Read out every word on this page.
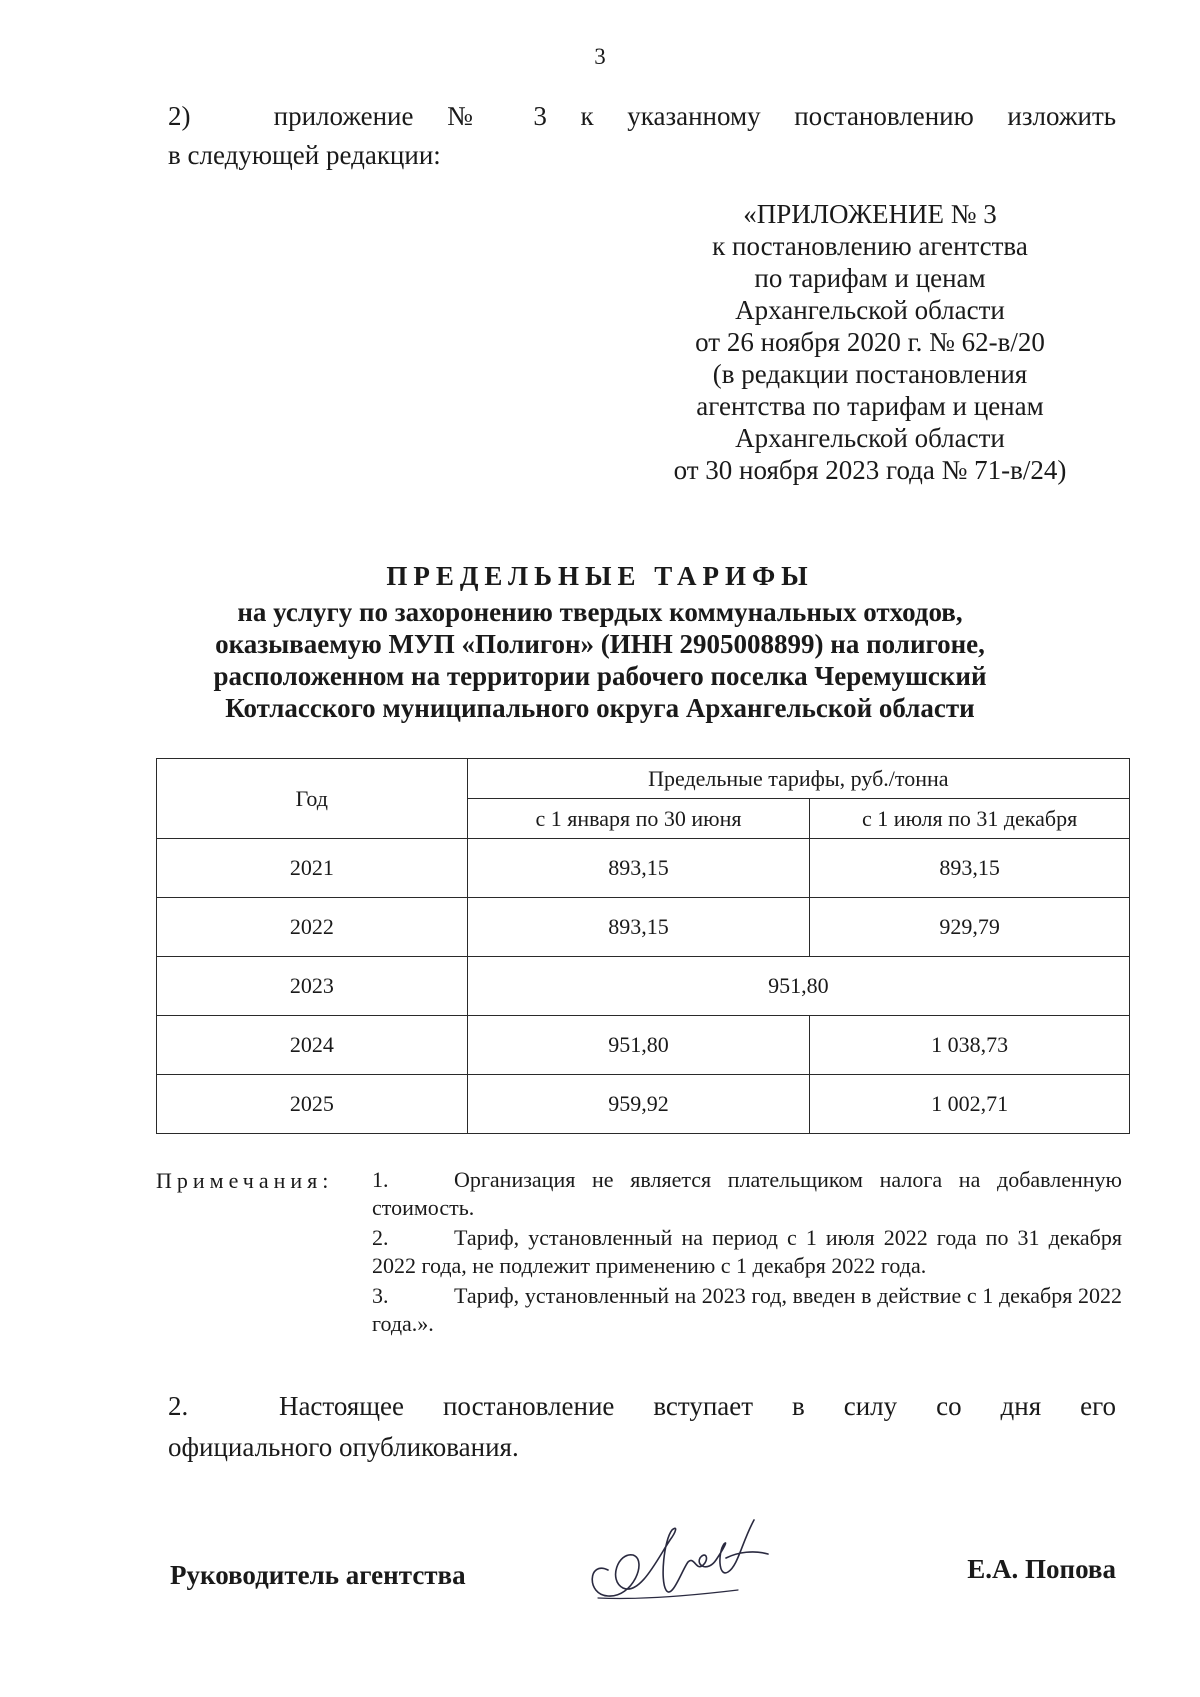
3
2)	приложение № 3 к указанному постановлению изложить
в следующей редакции:
«ПРИЛОЖЕНИЕ № 3
к постановлению агентства
по тарифам и ценам
Архангельской области
от 26 ноября 2020 г. № 62-в/20
(в редакции постановления
агентства по тарифам и ценам
Архангельской области
от 30 ноября 2023 года № 71-в/24)
ПРЕДЕЛЬНЫЕ ТАРИФЫ
на услугу по захоронению твердых коммунальных отходов,
оказываемую МУП «Полигон» (ИНН 2905008899) на полигоне,
расположенном на территории рабочего поселка Черемушский
Котласского муниципального округа Архангельской области
Год	Предельные тарифы, руб./тонна	
	с 1 января по 30 июня	с 1 июля по 31 декабря
2021	893,15	893,15
2022	893,15	929,79
2023	951,80	
2024	951,80	1 038,73
2025	959,92	1 002,71
Примечания: 1.	Организация не является плательщиком налога на добавленную стоимость.
2.	Тариф, установленный на период с 1 июля 2022 года по 31 декабря 2022 года, не подлежит применению с 1 декабря 2022 года.
3.	Тариф, установленный на 2023 год, введен в действие с 1 декабря 2022 года.».
2.	Настоящее постановление вступает в силу со дня его
официального опубликования.
Руководитель агентства	Е.А. Попова
